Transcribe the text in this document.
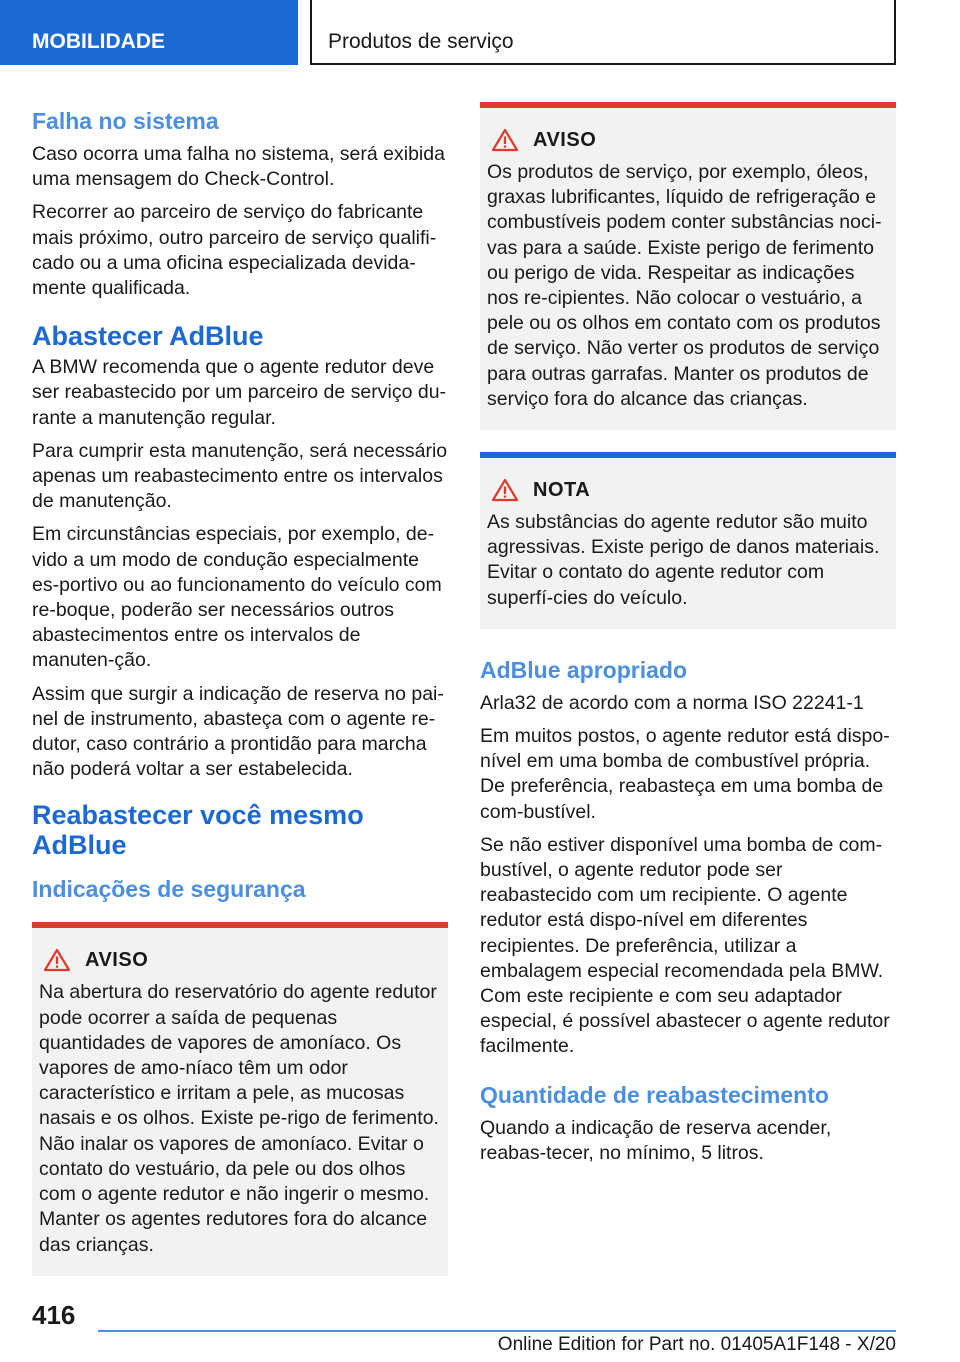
MOBILIDADE	Produtos de serviço
Falha no sistema

Caso ocorra uma falha no sistema, será exibida uma mensagem do Check-Control.

Recorrer ao parceiro de serviço do fabricante mais próximo, outro parceiro de serviço qualifi‐cado ou a uma oficina especializada devida‐mente qualificada.

Abastecer AdBlue

A BMW recomenda que o agente redutor deve ser reabastecido por um parceiro de serviço du‐rante a manutenção regular.

Para cumprir esta manutenção, será necessário apenas um reabastecimento entre os intervalos de manutenção.

Em circunstâncias especiais, por exemplo, de‐vido a um modo de condução especialmente es‐portivo ou ao funcionamento do veículo com re‐boque, poderão ser necessários outros abastecimentos entre os intervalos de manuten‐ção.

Assim que surgir a indicação de reserva no pai‐nel de instrumento, abasteça com o agente re‐dutor, caso contrário a prontidão para marcha não poderá voltar a ser estabelecida.

Reabastecer você mesmo AdBlue
Indicações de segurança
AVISO

Na abertura do reservatório do agente redutor pode ocorrer a saída de pequenas quantidades de vapores de amoníaco. Os vapores de amo‐níaco têm um odor característico e irritam a pele, as mucosas nasais e os olhos. Existe pe‐rigo de ferimento. Não inalar os vapores de amoníaco. Evitar o contato do vestuário, da pele ou dos olhos com o agente redutor e não ingerir o mesmo. Manter os agentes redutores fora do alcance das crianças.

AVISO

Os produtos de serviço, por exemplo, óleos, graxas lubrificantes, líquido de refrigeração e combustíveis podem conter substâncias noci‐vas para a saúde. Existe perigo de ferimento ou perigo de vida. Respeitar as indicações nos re‐cipientes. Não colocar o vestuário, a pele ou os olhos em contato com os produtos de serviço. Não verter os produtos de serviço para outras garrafas. Manter os produtos de serviço fora do alcance das crianças.

NOTA

As substâncias do agente redutor são muito agressivas. Existe perigo de danos materiais. Evitar o contato do agente redutor com superfí‐cies do veículo.

AdBlue apropriado

Arla32 de acordo com a norma ISO 22241-1

Em muitos postos, o agente redutor está dispo‐nível em uma bomba de combustível própria. De preferência, reabasteça em uma bomba de com‐bustível.

Se não estiver disponível uma bomba de com‐bustível, o agente redutor pode ser reabastecido com um recipiente. O agente redutor está dispo‐nível em diferentes recipientes. De preferência, utilizar a embalagem especial recomendada pela BMW. Com este recipiente e com seu adaptador especial, é possível abastecer o agente redutor facilmente.

Quantidade de reabastecimento

Quando a indicação de reserva acender, reabas‐tecer, no mínimo, 5 litros.

416
Online Edition for Part no. 01405A1F148 - X/20
